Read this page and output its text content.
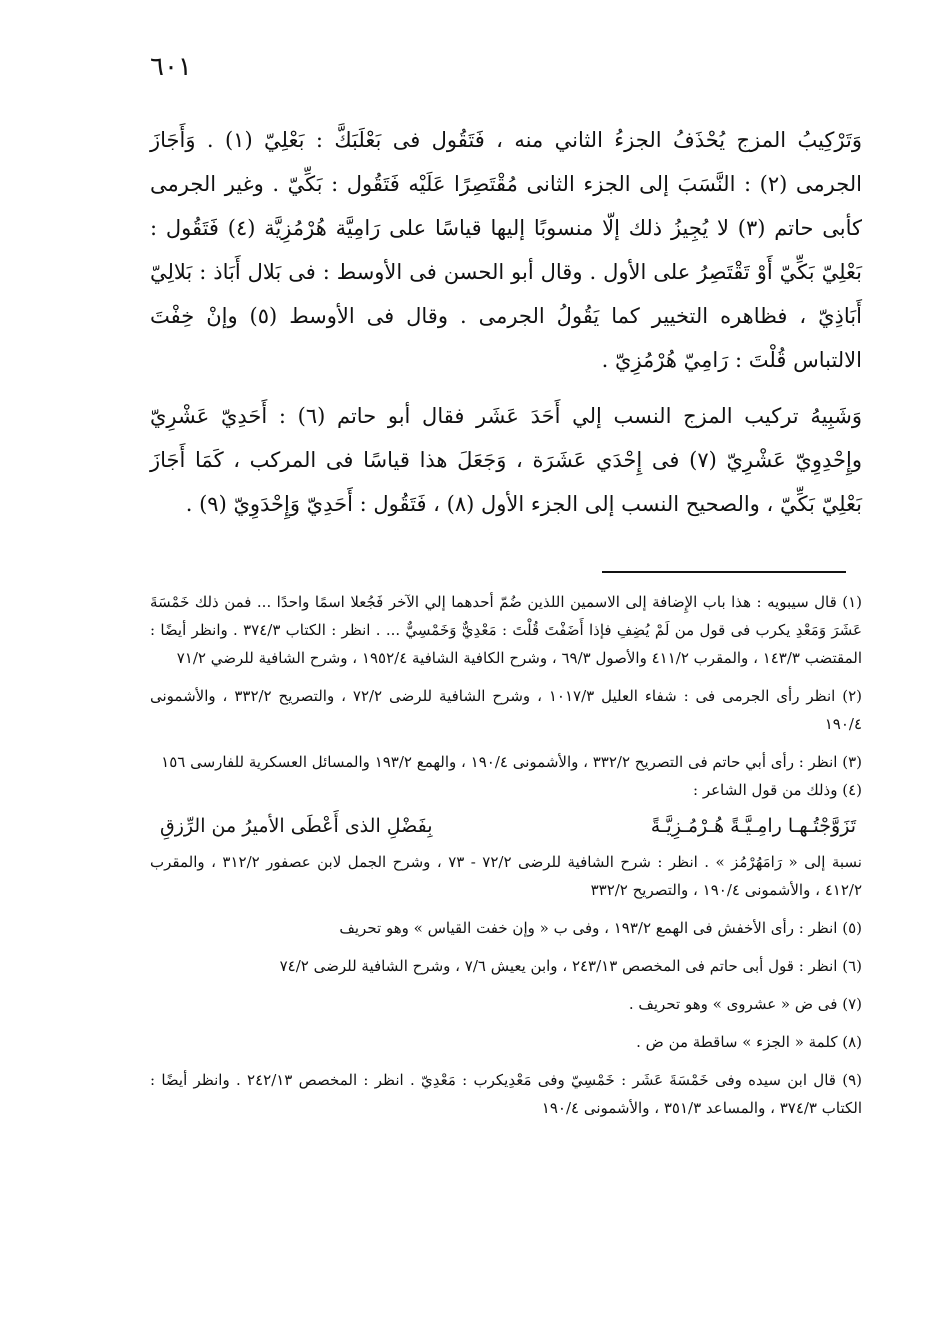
٦٠١

وَتَرْكِيبُ المزج يُحْذَفُ الجزءُ الثاني منه ، فَتَقُول فى بَعْلَبَكَّ : بَعْلِيّ (١) . وَأَجَازَ الجرمى (٢) : النَّسَبَ إلى الجزء الثانى مُقْتَصِرًا عَلَيْه فَتَقُول : بَكِّيّ . وغير الجرمى كأبى حاتم (٣) لا يُجِيزُ ذلك إلّا منسوبًا إليها قياسًا على رَامِيَّة هُرْمُزِيَّة (٤) فَتَقُول : بَعْلِيّ بَكِّيّ أَوْ تَقْتَصِرُ على الأول . وقال أبو الحسن فى الأوسط : فى بَلال أَبَاذ : بَلالِيّ أَبَاذِيّ ، فظاهره التخيير كما يَقُولُ الجرمى . وقال فى الأوسط (٥) وإنْ خِفْتَ الالتباس قُلْتَ : رَامِيّ هُرْمُزِيّ .

وَشَبِيهُ تركيب المزج النسب إلي أَحَدَ عَشَر فقال أبو حاتم (٦) : أَحَدِيّ عَشْرِيّ وإِحْدِوِيّ عَشْرِيّ (٧) فى إِحْدَي عَشَرَة ، وَجَعَلَ هذا قياسًا فى المركب ، كَمَا أَجَازَ بَعْلِيّ بَكِّيّ ، والصحيح النسب إلى الجزء الأول (٨) ، فَتَقُول : أَحَدِيّ وَإِحْدَوِيّ (٩) .

(١) قال سيبويه : هذا باب الإِضافة إلى الاسمين اللذين ضُمّ أحدهما إلي الآخر فَجُعلا اسمًا واحدًا ... فمن ذلك خَمْسَةَ عَشَرَ وَمَعْدِ يكرب فى قول من لَمْ يُضِفِ فإذا أَضَفْتَ قُلْتَ : مَعْدِيٌّ وَخَمْسِيٌّ ... . انظر : الكتاب ٣٧٤/٣ . وانظر أيضًا : المقتضب ١٤٣/٣ ، والمقرب ٤١١/٢ والأصول ٦٩/٣ ، وشرح الكافية الشافية ١٩٥٢/٤ ، وشرح الشافية للرضي ٧١/٢

(٢) انظر رأى الجرمى فى : شفاء العليل ١٠١٧/٣ ، وشرح الشافية للرضى ٧٢/٢ ، والتصريح ٣٣٢/٢ ، والأشمونى ١٩٠/٤

(٣) انظر : رأى أبي حاتم فى التصريح ٣٣٢/٢ ، والأشمونى ١٩٠/٤ ، والهمع ١٩٣/٢ والمسائل العسكرية للفارسى ١٥٦

(٤) وذلك من قول الشاعر :

تَزَوَّجْتُـهـا رامِـيَّـةً هُـرْمُـزِيَّـةً
بِفَضْلِ الذى أَعْطَى الأميرُ من الرِّزقِ

نسبة إلى « رَامَهُرْمُز » . انظر : شرح الشافية للرضى ٧٢/٢ - ٧٣ ، وشرح الجمل لابن عصفور ٣١٢/٢ ، والمقرب ٤١٢/٢ ، والأشمونى ١٩٠/٤ ، والتصريح ٣٣٢/٢

(٥) انظر : رأى الأخفش فى الهمع ١٩٣/٢ ، وفى ب « وإن خفت القياس » وهو تحريف

(٦) انظر : قول أبى حاتم فى المخصص ٢٤٣/١٣ ، وابن يعيش ٧/٦ ، وشرح الشافية للرضى ٧٤/٢

(٧) فى ض « عشروى » وهو تحريف .

(٨) كلمة « الجزء » ساقطة من ض .

(٩) قال ابن سيده وفى خَمْسَةَ عَشَر : خَمْسِيّ وفى مَعْدِيكرب : مَعْدِيّ . انظر : المخصص ٢٤٢/١٣ . وانظر أيضًا : الكتاب ٣٧٤/٣ ، والمساعد ٣٥١/٣ ، والأشمونى ١٩٠/٤
